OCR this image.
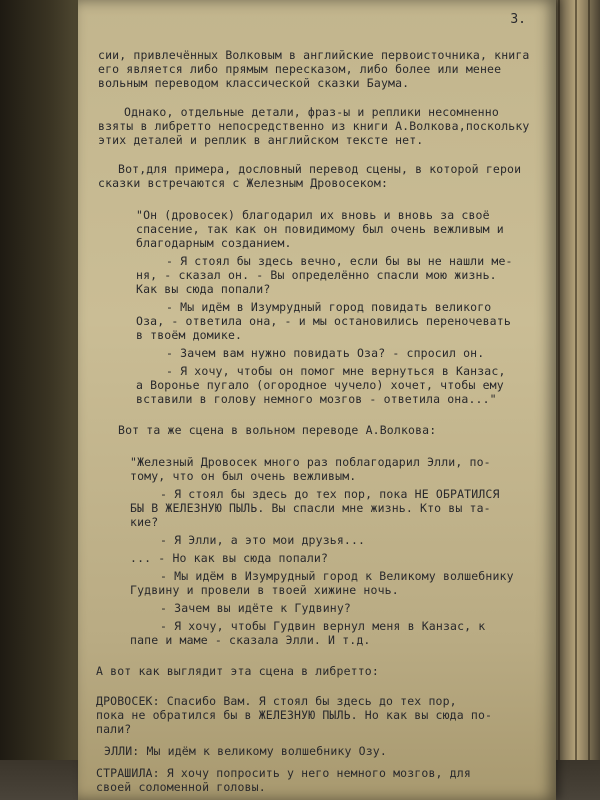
3.
сии, привлечённых Волковым в английские первоисточника, книга
его является либо прямым пересказом, либо более или менее
вольным переводом классической сказки Баума.
Однако, отдельные детали, фраз-ы и реплики несомненно
взяты в либретто непосредственно из книги А.Волкова,поскольку
этих деталей и реплик в английском тексте нет.
Вот,для примера, дословный перевод сцены, в которой герои
сказки встречаются с Железным Дровосеком:
"Он (дровосек) благодарил их вновь и вновь за своё
спасение, так как он повидимому был очень вежливым и
благодарным созданием.
- Я стоял бы здесь вечно, если бы вы не нашли ме-
ня, - сказал он. - Вы определённо спасли мою жизнь.
Как вы сюда попали?
- Мы идём в Изумрудный город повидать великого
Оза, - ответила она, - и мы остановились переночевать
в твоём домике.
- Зачем вам нужно повидать Оза? - спросил он.
- Я хочу, чтобы он помог мне вернуться в Канзас,
а Воронье пугало (огородное чучело) хочет, чтобы ему
вставили в голову немного мозгов - ответила она..."
Вот та же сцена в вольном переводе А.Волкова:
"Железный Дровосек много раз поблагодарил Элли, по-
тому, что он был очень вежливым.
- Я стоял бы здесь до тех пор, пока НЕ ОБРАТИЛСЯ
БЫ В ЖЕЛЕЗНУЮ ПЫЛЬ. Вы спасли мне жизнь. Кто вы та-
кие?
- Я Элли, а это мои друзья...
... - Но как вы сюда попали?
- Мы идём в Изумрудный город к Великому волшебнику
Гудвину и провели в твоей хижине ночь.
- Зачем вы идёте к Гудвину?
- Я хочу, чтобы Гудвин вернул меня в Канзас, к
папе и маме - сказала Элли. И т.д.
А вот как выглядит эта сцена в либретто:
ДРОВОСЕК: Спасибо Вам. Я стоял бы здесь до тех пор,
пока не обратился бы в ЖЕЛЕЗНУЮ ПЫЛЬ. Но как вы сюда по-
пали?
ЭЛЛИ: Мы идём к великому волшебнику Озу.
СТРАШИЛА: Я хочу попросить у него немного мозгов, для
своей соломенной головы.
